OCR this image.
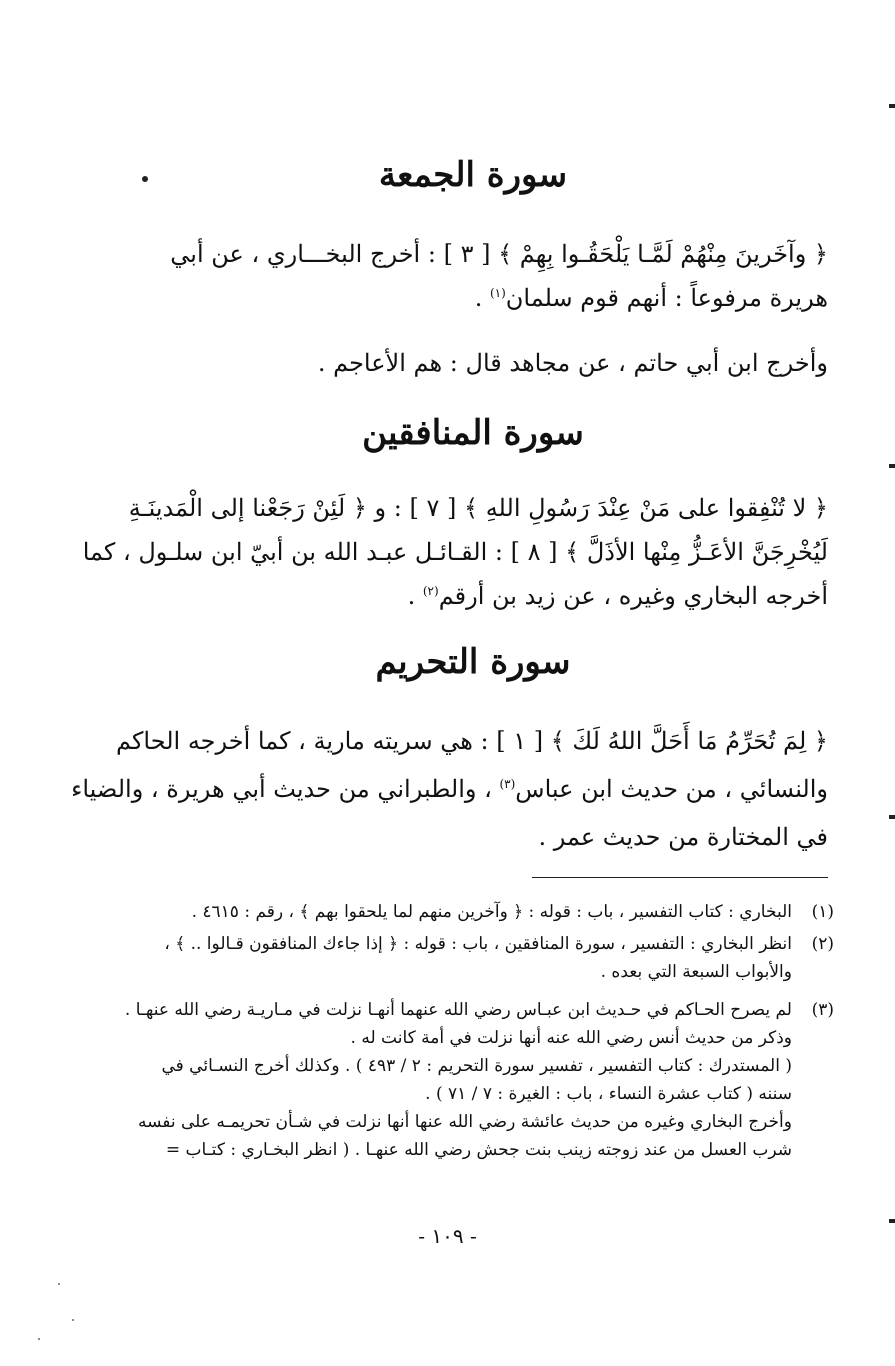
سورة الجمعة
﴿ وآخَرينَ مِنْهُمْ لَمَّـا يَلْحَقُـوا بِهِمْ ﴾ [ ٣ ] : أخرج البخـــاري ، عن أبي
هريرة مرفوعاً : أنهم قوم سلمان$^{(١)}$ .
وأخرج ابن أبي حاتم ، عن مجاهد قال : هم الأعاجم .
سورة المنافقين
﴿ لا تُنْفِقوا على مَنْ عِنْدَ رَسُولِ اللهِ ﴾ [ ٧ ] : و ﴿ لَئِنْ رَجَعْنا إلى الْمَدينَـةِ
لَيُخْرِجَنَّ الأعَـزُّ مِنْها الأذَلَّ ﴾ [ ٨ ] : القـائـل عبـد الله بن أبيّ ابن سلـول ، كما
أخرجه البخاري وغيره ، عن زيد بن أرقم$^{(٢)}$ .
سورة التحريم
﴿ لِمَ تُحَرِّمُ مَا أَحَلَّ اللهُ لَكَ ﴾ [ ١ ] : هي سريته مارية ، كما أخرجه الحاكم
والنسائي ، من حديث ابن عباس$^{(٣)}$ ، والطبراني من حديث أبي هريرة ، والضياء
في المختارة من حديث عمر .
(١)
البخاري : كتاب التفسير ، باب : قوله : ﴿ وآخرين منهم لما يلحقوا بهم ﴾ ، رقم : ٤٦١٥ .
(٢)
انظر البخاري : التفسير ، سورة المنافقين ، باب : قوله : ﴿ إذا جاءك المنافقون قـالوا .. ﴾ ،
والأبواب السبعة التي بعده .
(٣)
لم يصرح الحـاكم في حـديث ابن عبـاس رضي الله عنهما أنهـا نزلت في مـاريـة رضي الله عنهـا .
وذكر من حديث أنس رضي الله عنه أنها نزلت في أمة كانت له .
( المستدرك : كتاب التفسير ، تفسير سورة التحريم : ٢ / ٤٩٣ ) . وكذلك أخرج النسـائي في
سننه ( كتاب عشرة النساء ، باب : الغيرة : ٧ / ٧١ ) .
وأخرج البخاري وغيره من حديث عائشة رضي الله عنها أنها نزلت في شـأن تحريمـه على نفسه
شرب العسل من عند زوجته زينب بنت جحش رضي الله عنهـا . ( انظر البخـاري : كتـاب =
- ١٠٩ -
